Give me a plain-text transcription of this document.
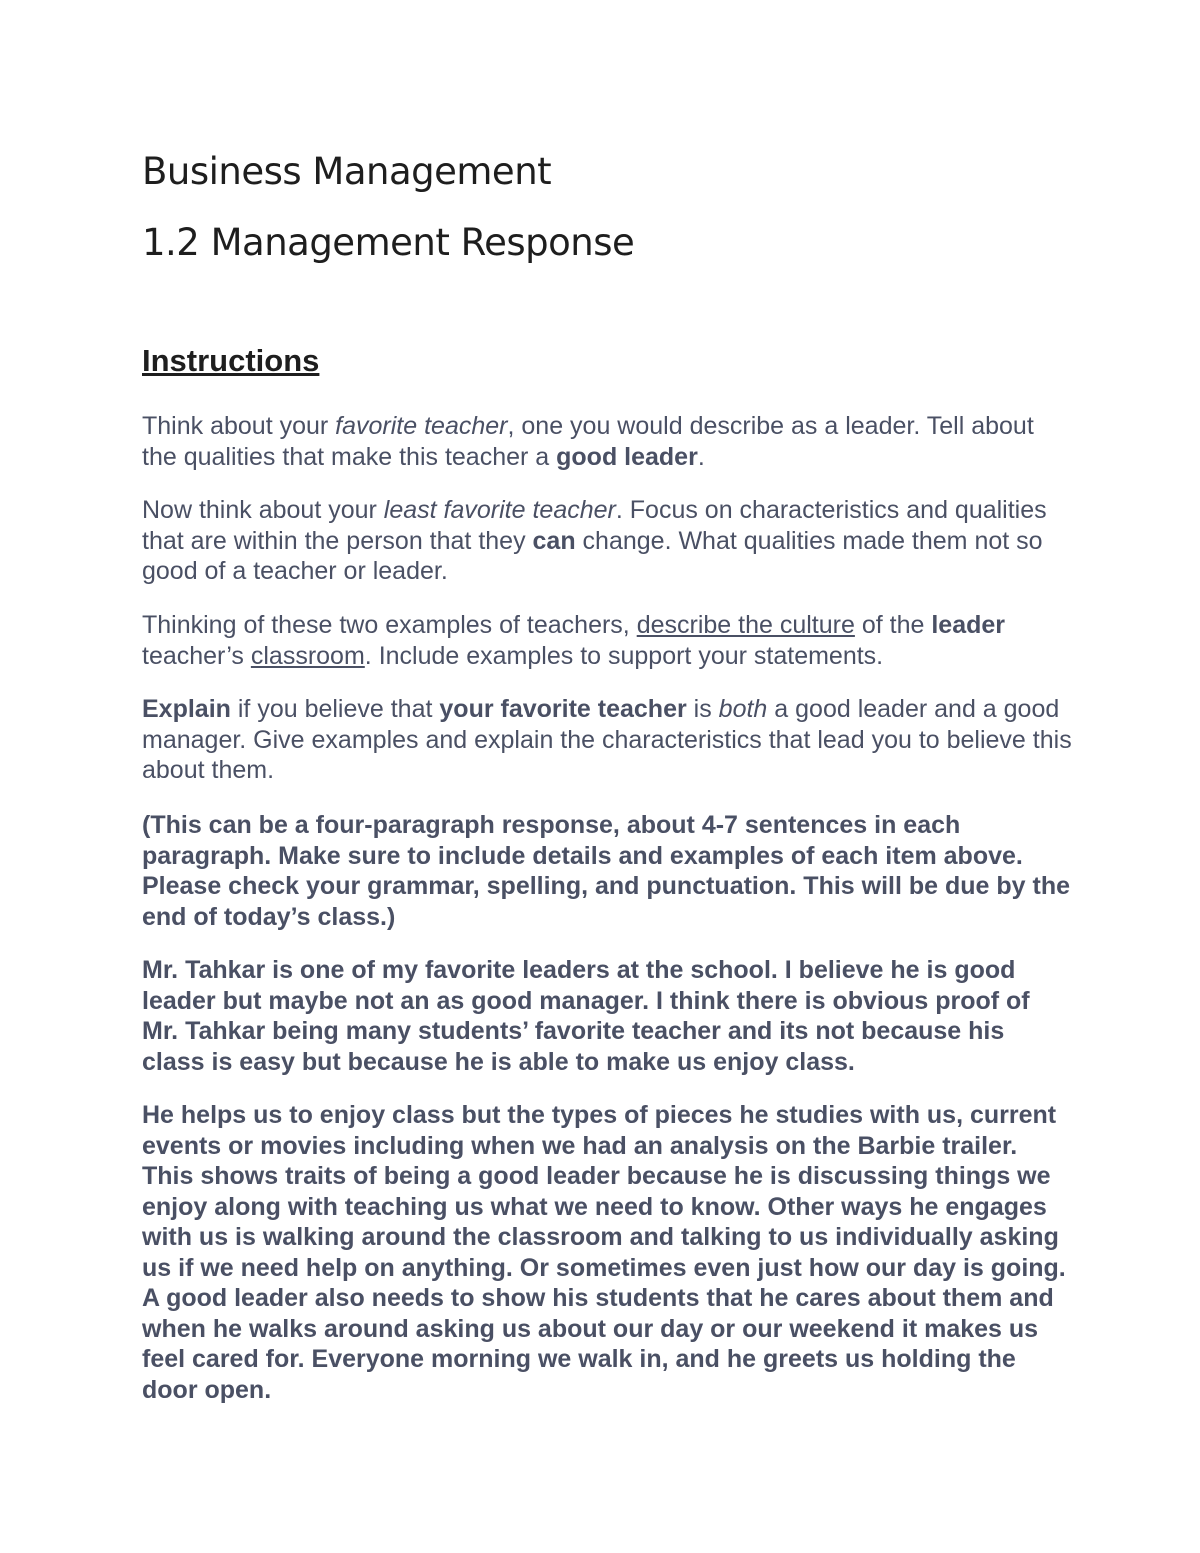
Business Management
1.2 Management Response
Instructions

Think about your favorite teacher, one you would describe as a leader. Tell about the qualities that make this teacher a good leader.

Now think about your least favorite teacher. Focus on characteristics and qualities that are within the person that they can change. What qualities made them not so good of a teacher or leader.

Thinking of these two examples of teachers, describe the culture of the leader teacher’s classroom. Include examples to support your statements.

Explain if you believe that your favorite teacher is both a good leader and a good manager. Give examples and explain the characteristics that lead you to believe this about them.

(This can be a four-paragraph response, about 4-7 sentences in each paragraph. Make sure to include details and examples of each item above. Please check your grammar, spelling, and punctuation. This will be due by the end of today’s class.)

Mr. Tahkar is one of my favorite leaders at the school. I believe he is good leader but maybe not an as good manager. I think there is obvious proof of Mr. Tahkar being many students’ favorite teacher and its not because his class is easy but because he is able to make us enjoy class.

He helps us to enjoy class but the types of pieces he studies with us, current events or movies including when we had an analysis on the Barbie trailer. This shows traits of being a good leader because he is discussing things we enjoy along with teaching us what we need to know. Other ways he engages with us is walking around the classroom and talking to us individually asking us if we need help on anything. Or sometimes even just how our day is going. A good leader also needs to show his students that he cares about them and when he walks around asking us about our day or our weekend it makes us feel cared for. Everyone morning we walk in, and he greets us holding the door open.
